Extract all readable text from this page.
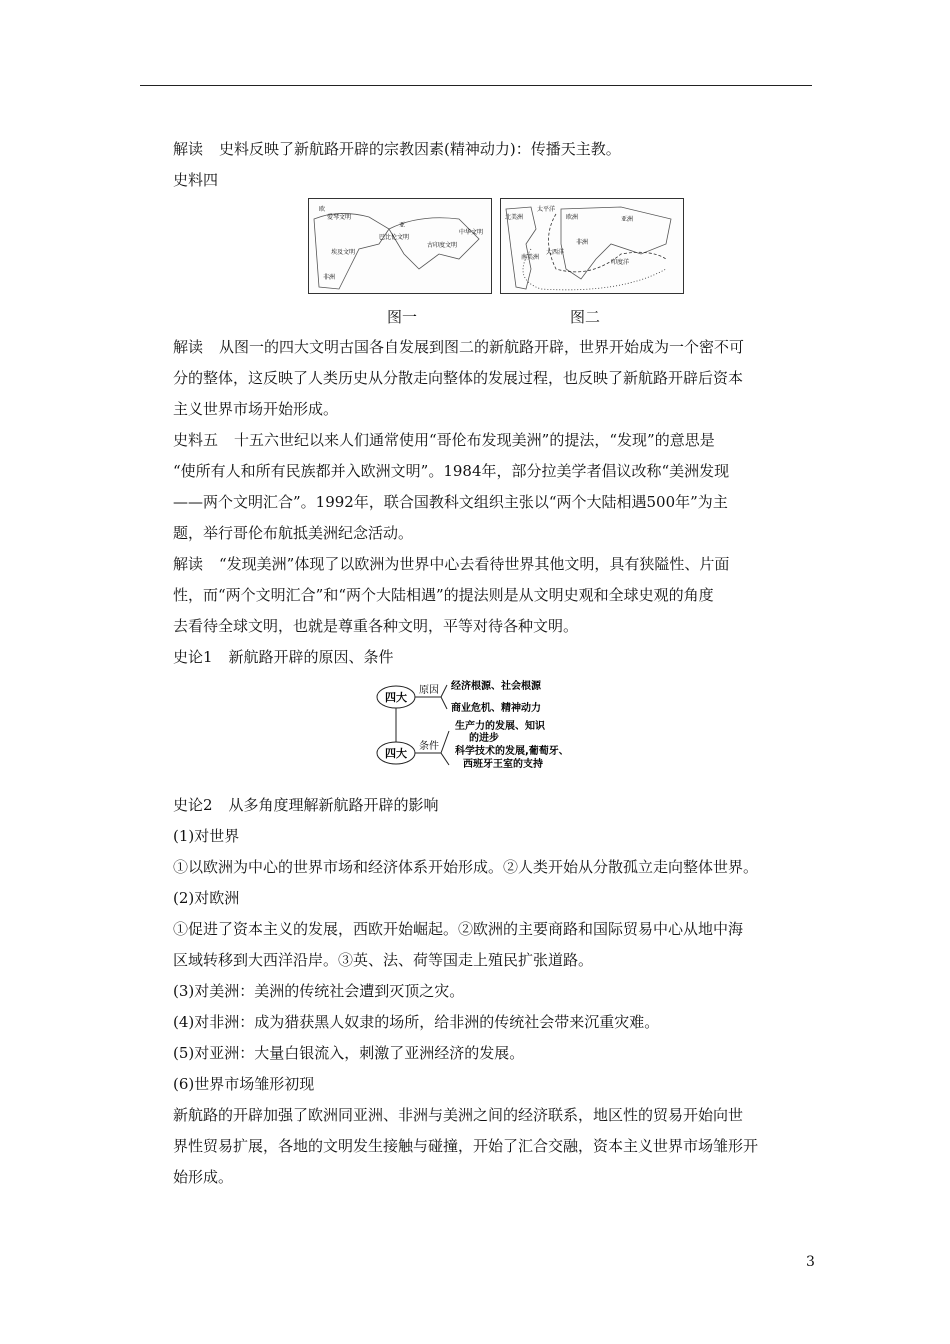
解读 史料反映了新航路开辟的宗教因素(精神动力)：传播天主教。
史料四
欧
爱琴文明
亚
巴比伦文明
古印度文明
中华文明
埃及文明
非洲
北美洲
太平洋
欧洲	亚洲
非洲
南美洲
大西洋
印度洋
图一	图二
解读 从图一的四大文明古国各自发展到图二的新航路开辟，世界开始成为一个密不可
分的整体，这反映了人类历史从分散走向整体的发展过程，也反映了新航路开辟后资本
主义世界市场开始形成。
史料五 十五六世纪以来人们通常使用“哥伦布发现美洲”的提法，“发现”的意思是
“使所有人和所有民族都并入欧洲文明”。1984年，部分拉美学者倡议改称“美洲发现
——两个文明汇合”。1992年，联合国教科文组织主张以“两个大陆相遇500年”为主
题，举行哥伦布航抵美洲纪念活动。
解读 “发现美洲”体现了以欧洲为世界中心去看待世界其他文明，具有狭隘性、片面
性，而“两个文明汇合”和“两个大陆相遇”的提法则是从文明史观和全球史观的角度
去看待全球文明，也就是尊重各种文明，平等对待各种文明。
史论1 新航路开辟的原因、条件
四大
原因 经济根源、社会根源
商业危机、精神动力
四大
条件
生产力的发展、知识
的进步
科学技术的发展,葡萄牙、
西班牙王室的支持
史论2 从多角度理解新航路开辟的影响
(1)对世界
①以欧洲为中心的世界市场和经济体系开始形成。②人类开始从分散孤立走向整体世界。
(2)对欧洲
①促进了资本主义的发展，西欧开始崛起。②欧洲的主要商路和国际贸易中心从地中海
区域转移到大西洋沿岸。③英、法、荷等国走上殖民扩张道路。
(3)对美洲：美洲的传统社会遭到灭顶之灾。
(4)对非洲：成为猎获黑人奴隶的场所，给非洲的传统社会带来沉重灾难。
(5)对亚洲：大量白银流入，刺激了亚洲经济的发展。
(6)世界市场雏形初现
新航路的开辟加强了欧洲同亚洲、非洲与美洲之间的经济联系，地区性的贸易开始向世
界性贸易扩展，各地的文明发生接触与碰撞，开始了汇合交融，资本主义世界市场雏形开
始形成。
3
